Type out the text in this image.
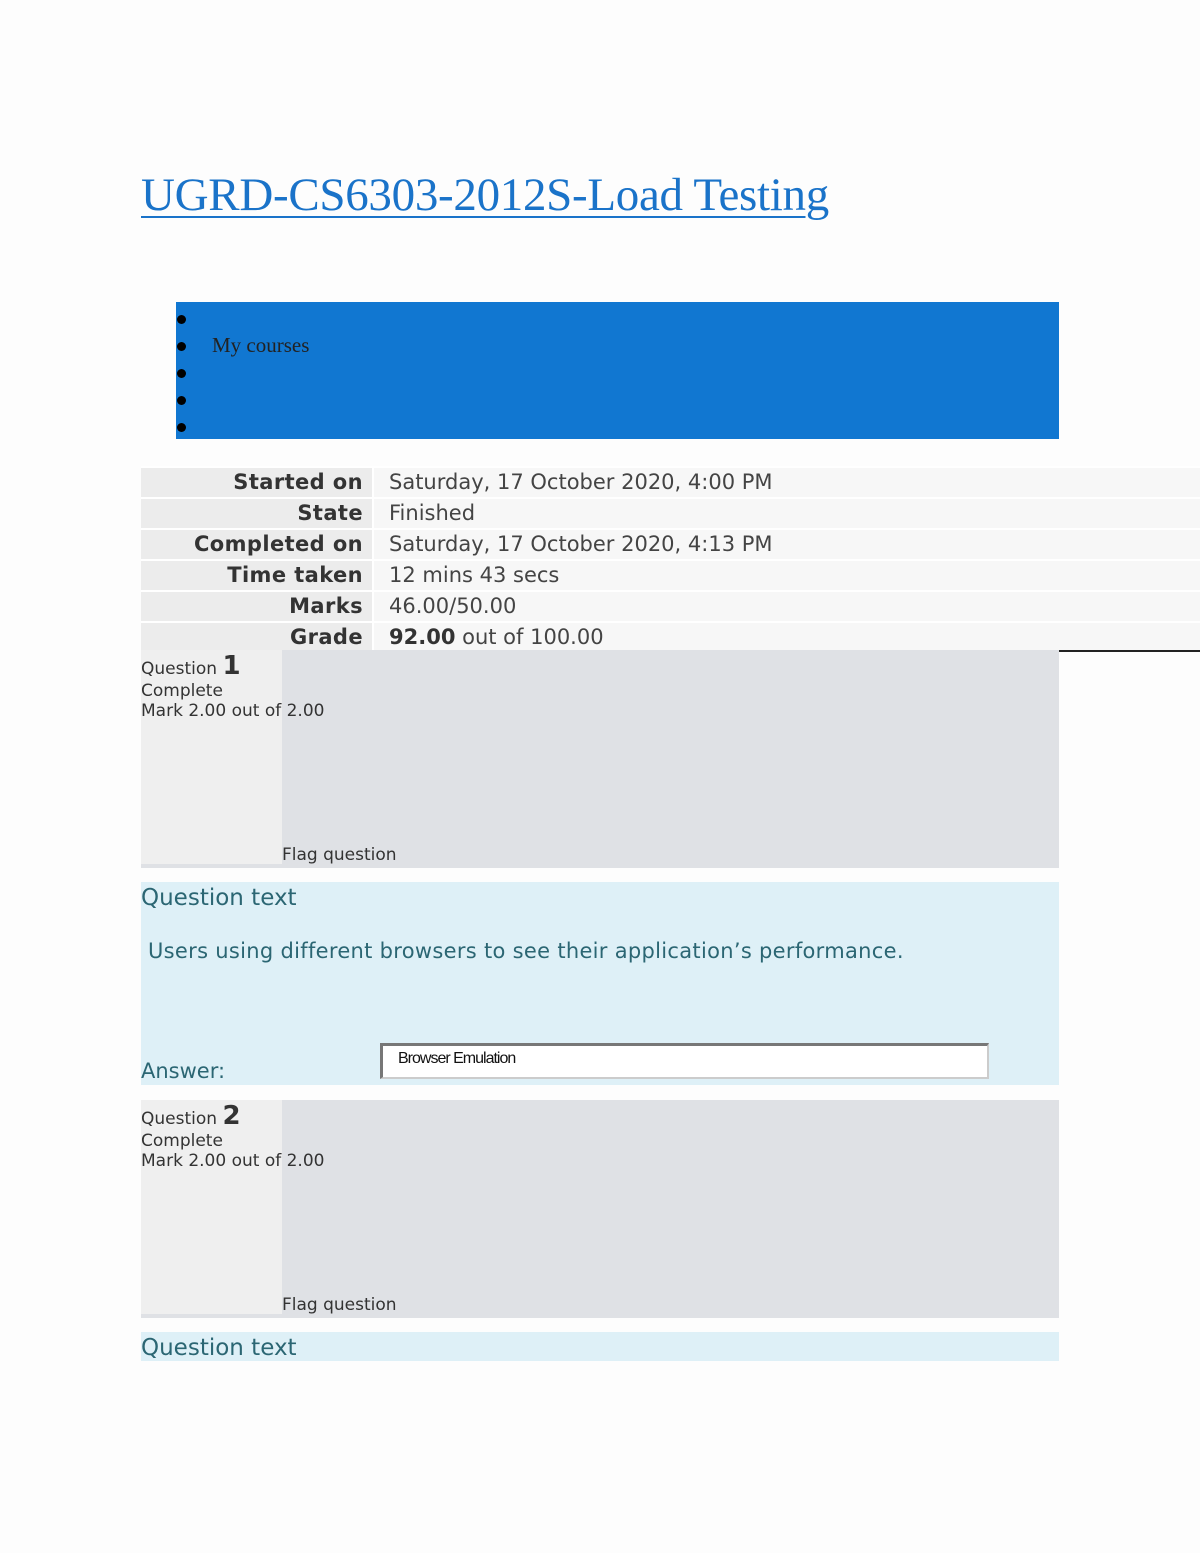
UGRD-CS6303-2012S-Load Testing
My courses
Started on	Saturday, 17 October 2020, 4:00 PM
State	Finished
Completed on	Saturday, 17 October 2020, 4:13 PM
Time taken	12 mins 43 secs
Marks	46.00/50.00
Grade	92.00 out of 100.00
Question 1
Complete
Mark 2.00 out of 2.00
Flag question
Question text
Users using different browsers to see their application’s performance.
Answer:
Browser Emulation
Question 2
Complete
Mark 2.00 out of 2.00
Flag question
Question text
